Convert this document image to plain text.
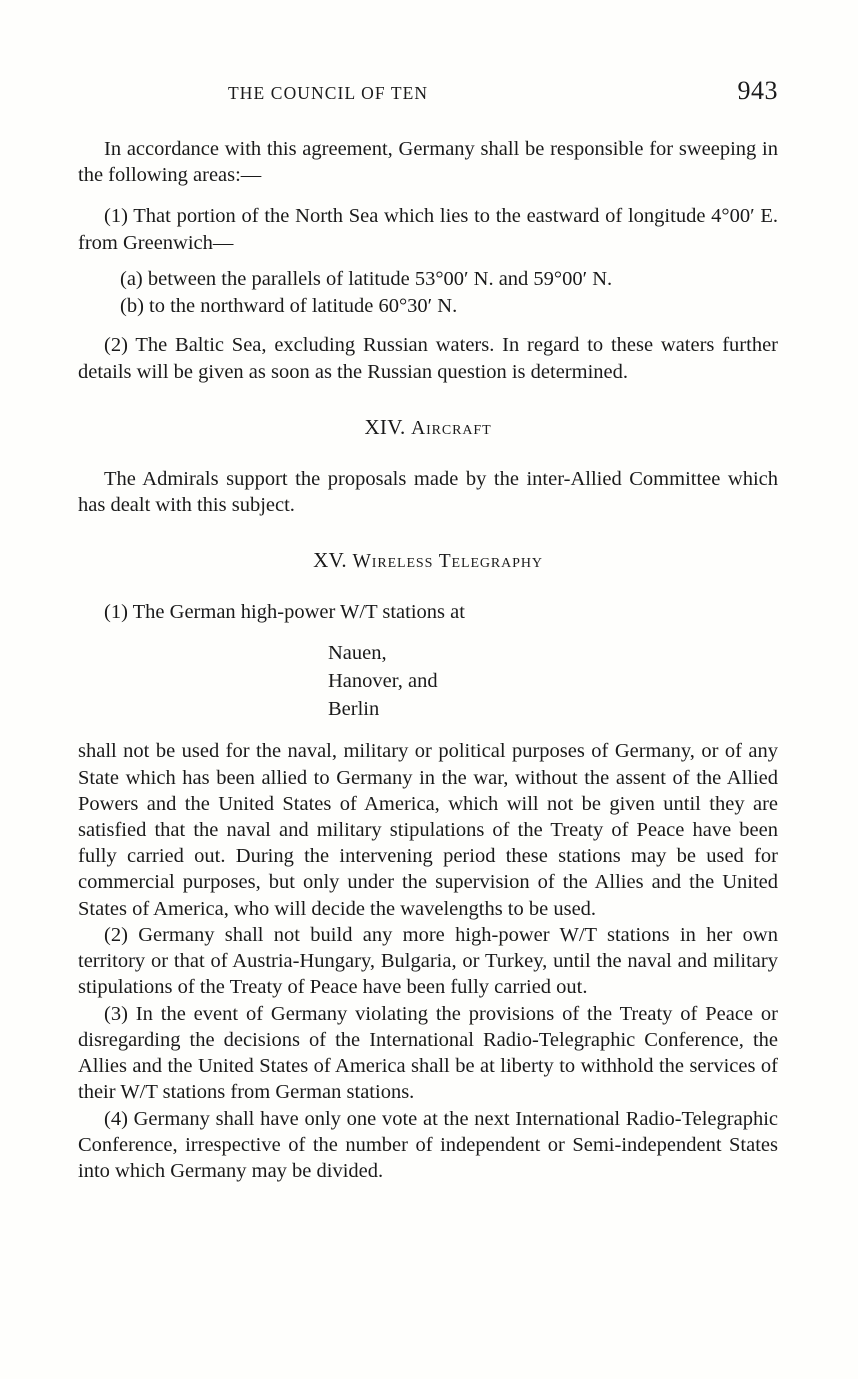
THE COUNCIL OF TEN	943

In accordance with this agreement, Germany shall be responsible for sweeping in the following areas:—

(1) That portion of the North Sea which lies to the eastward of longitude 4°00′ E. from Greenwich—

(a) between the parallels of latitude 53°00′ N. and 59°00′ N.

(b) to the northward of latitude 60°30′ N.

(2) The Baltic Sea, excluding Russian waters. In regard to these waters further details will be given as soon as the Russian question is determined.

XIV. Aircraft

The Admirals support the proposals made by the inter-Allied Committee which has dealt with this subject.

XV. Wireless Telegraphy

(1) The German high-power W/T stations at

Nauen,

Hanover, and

Berlin

shall not be used for the naval, military or political purposes of Germany, or of any State which has been allied to Germany in the war, without the assent of the Allied Powers and the United States of America, which will not be given until they are satisfied that the naval and military stipulations of the Treaty of Peace have been fully carried out. During the intervening period these stations may be used for commercial purposes, but only under the supervision of the Allies and the United States of America, who will decide the wavelengths to be used.

(2) Germany shall not build any more high-power W/T stations in her own territory or that of Austria-Hungary, Bulgaria, or Turkey, until the naval and military stipulations of the Treaty of Peace have been fully carried out.

(3) In the event of Germany violating the provisions of the Treaty of Peace or disregarding the decisions of the International Radio-Telegraphic Conference, the Allies and the United States of America shall be at liberty to withhold the services of their W/T stations from German stations.

(4) Germany shall have only one vote at the next International Radio-Telegraphic Conference, irrespective of the number of independent or Semi-independent States into which Germany may be divided.
